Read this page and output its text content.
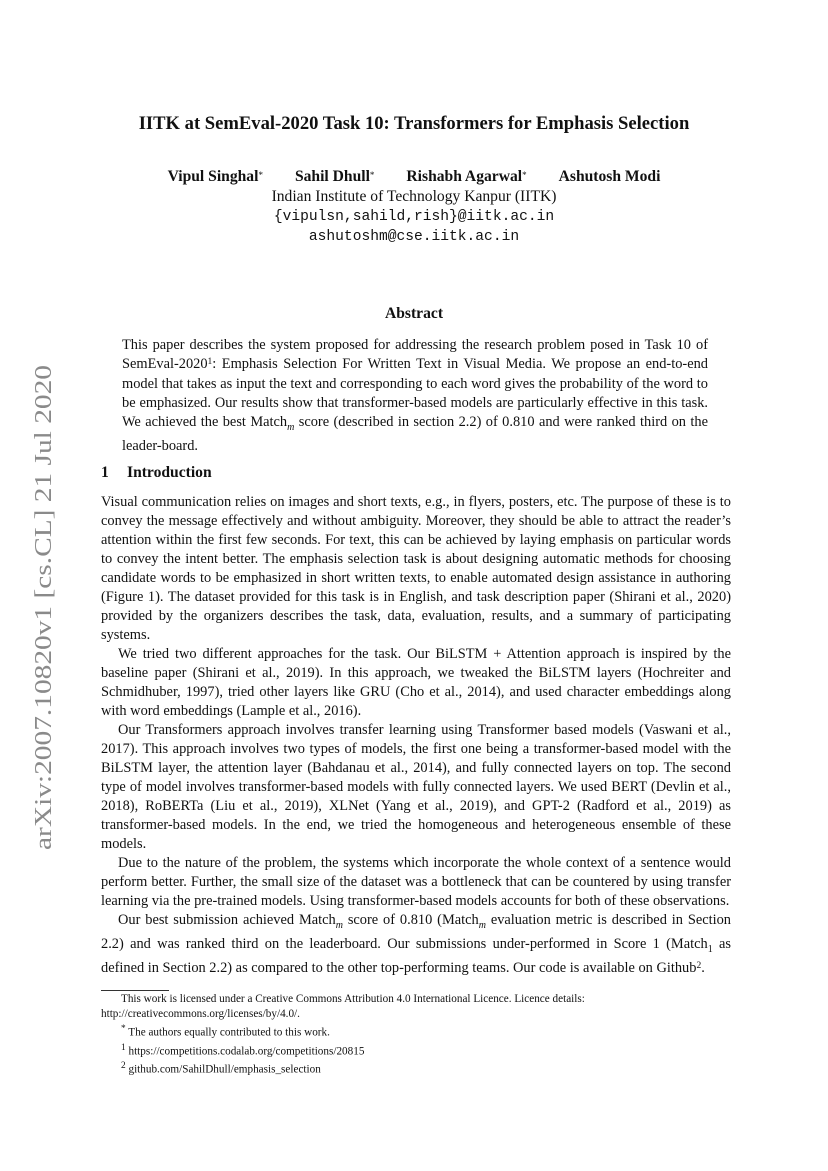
arXiv:2007.10820v1 [cs.CL] 21 Jul 2020
IITK at SemEval-2020 Task 10: Transformers for Emphasis Selection
Vipul Singhal* Sahil Dhull* Rishabh Agarwal* Ashutosh Modi
Indian Institute of Technology Kanpur (IITK)
{vipulsn,sahild,rish}@iitk.ac.in
ashutoshm@cse.iitk.ac.in
Abstract
This paper describes the system proposed for addressing the research problem posed in Task 10 of SemEval-2020$^1$: Emphasis Selection For Written Text in Visual Media. We propose an end-to-end model that takes as input the text and corresponding to each word gives the probability of the word to be emphasized. Our results show that transformer-based models are particularly effective in this task. We achieved the best Match$_m$ score (described in section 2.2) of 0.810 and were ranked third on the leader-board.
1 Introduction

Visual communication relies on images and short texts, e.g., in flyers, posters, etc. The purpose of these is to convey the message effectively and without ambiguity. Moreover, they should be able to attract the reader’s attention within the first few seconds. For text, this can be achieved by laying emphasis on particular words to convey the intent better. The emphasis selection task is about designing automatic methods for choosing candidate words to be emphasized in short written texts, to enable automated design assistance in authoring (Figure 1). The dataset provided for this task is in English, and task description paper (Shirani et al., 2020) provided by the organizers describes the task, data, evaluation, results, and a summary of participating systems.

We tried two different approaches for the task. Our BiLSTM + Attention approach is inspired by the baseline paper (Shirani et al., 2019). In this approach, we tweaked the BiLSTM layers (Hochreiter and Schmidhuber, 1997), tried other layers like GRU (Cho et al., 2014), and used character embeddings along with word embeddings (Lample et al., 2016).

Our Transformers approach involves transfer learning using Transformer based models (Vaswani et al., 2017). This approach involves two types of models, the first one being a transformer-based model with the BiLSTM layer, the attention layer (Bahdanau et al., 2014), and fully connected layers on top. The second type of model involves transformer-based models with fully connected layers. We used BERT (Devlin et al., 2018), RoBERTa (Liu et al., 2019), XLNet (Yang et al., 2019), and GPT-2 (Radford et al., 2019) as transformer-based models. In the end, we tried the homogeneous and heterogeneous ensemble of these models.

Due to the nature of the problem, the systems which incorporate the whole context of a sentence would perform better. Further, the small size of the dataset was a bottleneck that can be countered by using transfer learning via the pre-trained models. Using transformer-based models accounts for both of these observations.

Our best submission achieved Match$_m$ score of 0.810 (Match$_m$ evaluation metric is described in Section 2.2) and was ranked third on the leaderboard. Our submissions under-performed in Score 1 (Match$_1$ as defined in Section 2.2) as compared to the other top-performing teams. Our code is available on Github$^2$.

This work is licensed under a Creative Commons Attribution 4.0 International Licence. Licence details: http://creativecommons.org/licenses/by/4.0/.
* The authors equally contributed to this work.
$^1$ https://competitions.codalab.org/competitions/20815
$^2$ github.com/SahilDhull/emphasis_selection
